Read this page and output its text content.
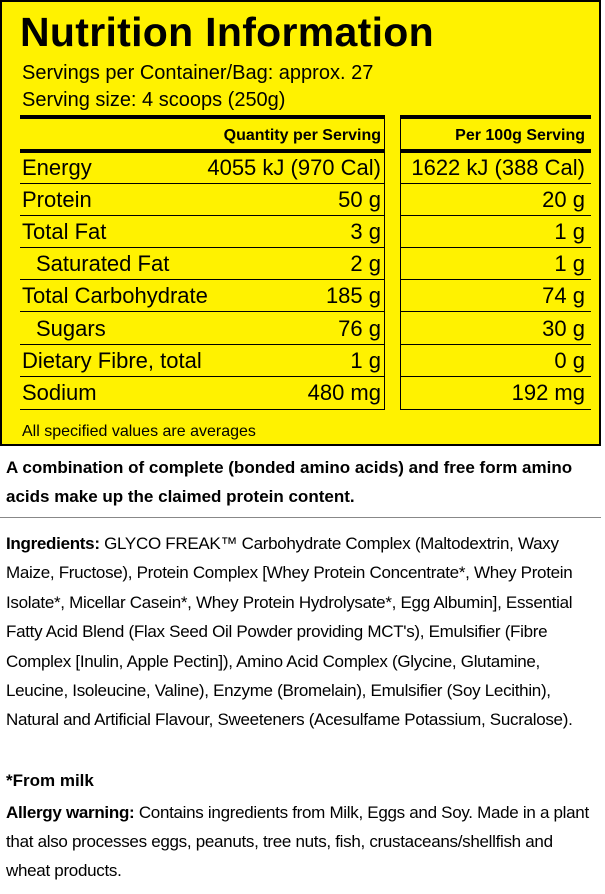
Nutrition Information
Servings per Container/Bag: approx. 27
Serving size: 4 scoops (250g)
Quantity per Serving	Per 100g Serving
Energy	4055 kJ (970 Cal) 1622 kJ (388 Cal)
Protein	50 g	20 g
Total Fat	3 g	1 g
Saturated Fat	2 g	1 g
Total Carbohydrate	185 g	74 g
Sugars	76 g	30 g
Dietary Fibre, total	1 g	0 g
Sodium	480 mg	192 mg
All specified values are averages
A combination of complete (bonded amino acids) and free form amino acids make up the claimed protein content.
Ingredients: GLYCO FREAK™ Carbohydrate Complex (Maltodextrin, Waxy Maize, Fructose), Protein Complex [Whey Protein Concentrate*, Whey Protein Isolate*, Micellar Casein*, Whey Protein Hydrolysate*, Egg Albumin], Essential Fatty Acid Blend (Flax Seed Oil Powder providing MCT's), Emulsifier (Fibre Complex [Inulin, Apple Pectin]), Amino Acid Complex (Glycine, Glutamine, Leucine, Isoleucine, Valine), Enzyme (Bromelain), Emulsifier (Soy Lecithin), Natural and Artificial Flavour, Sweeteners (Acesulfame Potassium, Sucralose).
*From milk
Allergy warning: Contains ingredients from Milk, Eggs and Soy. Made in a plant that also processes eggs, peanuts, tree nuts, fish, crustaceans/shellfish and wheat products.
